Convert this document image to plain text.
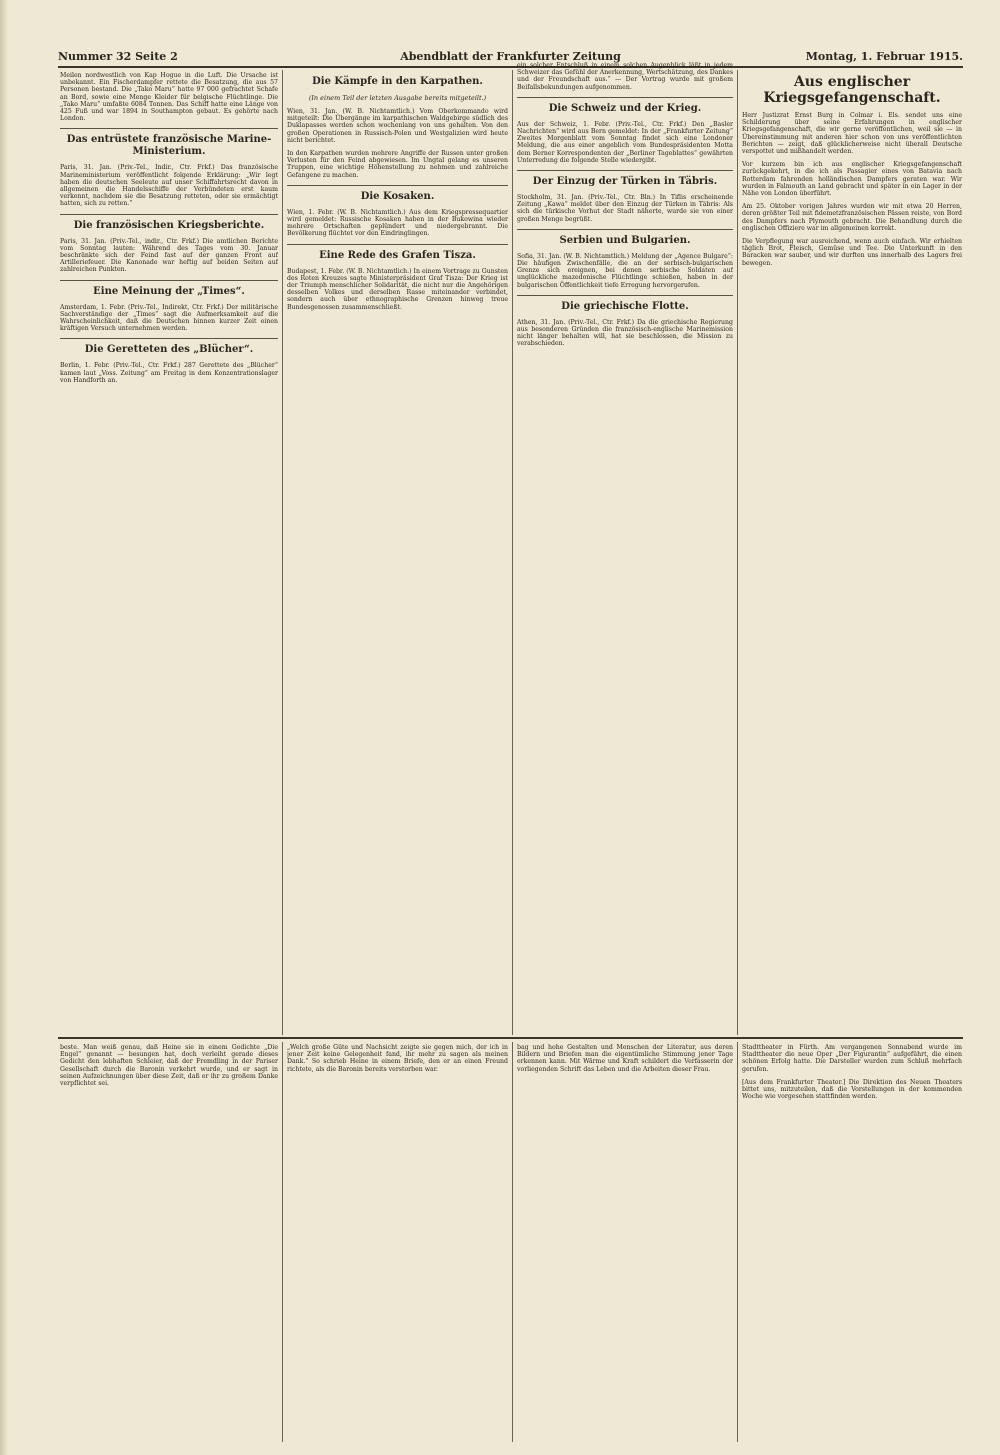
Nummer 32 Seite 2	Abendblatt der Frankfurter Zeitung	Montag, 1. Februar 1915.

Meilen nordwestlich von Kap Hogue in die Luft. Die Ursache ist unbekannt. Ein Fischerdampfer rettete die Besatzung, die aus 57 Personen bestand. Die „Tako Maru“ hatte 97 000 gefrachtet Schafe an Bord, sowie eine Menge Kleider für belgische Flüchtlinge. Die „Tako Maru“ umfaßte 6084 Tonnen. Das Schiff hatte eine Länge von 425 Fuß und war 1894 in Southampton gebaut. Es gehörte nach London.

Das entrüstete französische Marine-Ministerium.

Paris, 31. Jan. (Priv.-Tel., Indir., Ctr. Frkf.) Das französische Marineministerium veröffentlicht folgende Erklärung: „Wir legt haben die deutschen Seeleute auf unser Schiffahrtsrecht davon in allgemeinen die Handelsschiffe der Verbündeten erst kaum verkennt, nachdem sie die Besatzung retteten, oder sie ermächtigt hatten, sich zu retten.“

Die französischen Kriegsberichte.

Paris, 31. Jan. (Priv.-Tel., indir., Ctr. Frkf.) Die amtlichen Berichte vom Sonntag lauten: Während des Tages vom 30. Januar beschränkte sich der Feind fast auf der ganzen Front auf Artilleriefeuer. Die Kanonade war heftig auf beiden Seiten auf zahlreichen Punkten.

Eine Meinung der „Times“.

Amsterdam, 1. Febr. (Priv.-Tel., Indirekt, Ctr. Frkf.) Der militärische Sachverständige der „Times“ sagt die Aufmerksamkeit auf die Wahrscheinlichkeit, daß die Deutschen binnen kurzer Zeit einen kräftigen Versuch unternehmen werden.

Die Geretteten des „Blücher“.

Berlin, 1. Febr. (Priv.-Tel., Ctr. Frkf.) 287 Gerettete des „Blücher“ kamen laut „Voss. Zeitung“ am Freitag in dem Konzentrationslager von Handforth an.

Die Kämpfe in den Karpathen.
(In einem Teil der letzten Ausgabe bereits mitgeteilt.)

Wien, 31. Jan. (W. B. Nichtamtlich.) Vom Oberkommando wird mitgeteilt: Die Übergänge im karpathischen Waldgebirge südlich des Duklapasses werden schon wochenlang von uns gehalten. Von den großen Operationen in Russisch-Polen und Westgalizien wird heute nicht berichtet.

In den Karpathen wurden mehrere Angriffe der Russen unter großen Verlusten für den Feind abgewiesen. Im Ungtal gelang es unseren Truppen, eine wichtige Höhenstellung zu nehmen und zahlreiche Gefangene zu machen.

Die Kosaken.

Wien, 1. Febr. (W. B. Nichtamtlich.) Aus dem Kriegspressequartier wird gemeldet: Russische Kosaken haben in der Bukowina wieder mehrere Ortschaften geplündert und niedergebrannt. Die Bevölkerung flüchtet vor den Eindringlingen.

Eine Rede des Grafen Tisza.

Budapest, 1. Febr. (W. B. Nichtamtlich.) In einem Vortrage zu Gunsten des Roten Kreuzes sagte Ministerpräsident Graf Tisza: Der Krieg ist der Triumph menschlicher Solidarität, die nicht nur die Angehörigen desselben Volkes und derselben Rasse miteinander verbindet, sondern auch über ethnographische Grenzen hinweg treue Bundesgenossen zusammenschließt.

ein solcher Entschluß in einem solchen Augenblick läßt in jedem Schweizer das Gefühl der Anerkennung, Wertschätzung, des Dankes und der Freundschaft aus.“ — Der Vortrag wurde mit großem Beifallsbekundungen aufgenommen.

Die Schweiz und der Krieg.

Aus der Schweiz, 1. Febr. (Priv.-Tel., Ctr. Frkf.) Den „Basler Nachrichten“ wird aus Bern gemeldet: In der „Frankfurter Zeitung“ Zweites Morgenblatt vom Sonntag findet sich eine Londoner Meldung, die aus einer angeblich vom Bundespräsidenten Motta dem Berner Korrespondenten der „Berliner Tageblattes“ gewährten Unterredung die folgende Stelle wiedergibt.

Der Einzug der Türken in Täbris.

Stockholm, 31. Jan. (Priv.-Tel., Ctr. Bln.) In Tiflis erscheinende Zeitung „Kawa“ meldet über den Einzug der Türken in Täbris: Als sich die türkische Vorhut der Stadt näherte, wurde sie von einer großen Menge begrüßt.

Serbien und Bulgarien.

Sofia, 31. Jan. (W. B. Nichtamtlich.) Meldung der „Agence Bulgare“: Die häufigen Zwischenfälle, die an der serbisch-bulgarischen Grenze sich ereignen, bei denen serbische Soldaten auf unglückliche mazedonische Flüchtlinge schießen, haben in der bulgarischen Öffentlichkeit tiefe Erregung hervorgerufen.

Die griechische Flotte.

Athen, 31. Jan. (Priv.-Tel., Ctr. Frkf.) Da die griechische Regierung aus besonderen Gründen die französisch-englische Marinemission nicht länger behalten will, hat sie beschlossen, die Mission zu verabschieden.

Aus englischer Kriegsgefangenschaft.

Herr Justizrat Ernst Burg in Colmar i. Els. sendet uns eine Schilderung über seine Erfahrungen in englischer Kriegsgefangenschaft, die wir gerne veröffentlichen, weil sie — in Übereinstimmung mit anderen hier schon von uns veröffentlichten Berichten — zeigt, daß glücklicherweise nicht überall Deutsche verspottet und mißhandelt werden.

Vor kurzem bin ich aus englischer Kriegsgefangenschaft zurückgekehrt, in die ich als Passagier eines von Batavia nach Rotterdam fahrenden holländischen Dampfers geraten war. Wir wurden in Falmouth an Land gebracht und später in ein Lager in der Nähe von London überführt.

Am 25. Oktober vorigen Jahres wurden wir mit etwa 20 Herren, deren größter Teil mit fidemetzfranzösischen Pässen reiste, von Bord des Dampfers nach Plymouth gebracht. Die Behandlung durch die englischen Offiziere war im allgemeinen korrekt.

Die Verpflegung war ausreichend, wenn auch einfach. Wir erhielten täglich Brot, Fleisch, Gemüse und Tee. Die Unterkunft in den Baracken war sauber, und wir durften uns innerhalb des Lagers frei bewegen.

beste. Man weiß genau, daß Heine sie in einem Gedichte „Die Engel“ genannt — besungen hat, doch verleiht gerade dieses Gedicht den lebhaften Schleier, daß der Fremdling in der Pariser Gesellschaft durch die Baronin verkehrt wurde, und er sagt in seinen Aufzeichnungen über diese Zeit, daß er ihr zu großem Danke verpflichtet sei.

„Welch große Güte und Nachsicht zeigte sie gegen mich, der ich in jener Zeit keine Gelegenheit fand, ihr mehr zu sagen als meinen Dank.“ So schrieb Heine in einem Briefe, den er an einen Freund richtete, als die Baronin bereits verstorben war.

bag und hohe Gestalten und Menschen der Literatur, aus deren Bildern und Briefen man die eigentümliche Stimmung jener Tage erkennen kann. Mit Wärme und Kraft schildert die Verfasserin der vorliegenden Schrift das Leben und die Arbeiten dieser Frau.

Stadttheater in Fürth. Am vergangenen Sonnabend wurde im Stadttheater die neue Oper „Der Figurantin“ aufgeführt, die einen schönen Erfolg hatte. Die Darsteller wurden zum Schluß mehrfach gerufen.

[Aus dem Frankfurter Theater.] Die Direktion des Neuen Theaters bittet uns, mitzuteilen, daß die Vorstellungen in der kommenden Woche wie vorgesehen stattfinden werden.
